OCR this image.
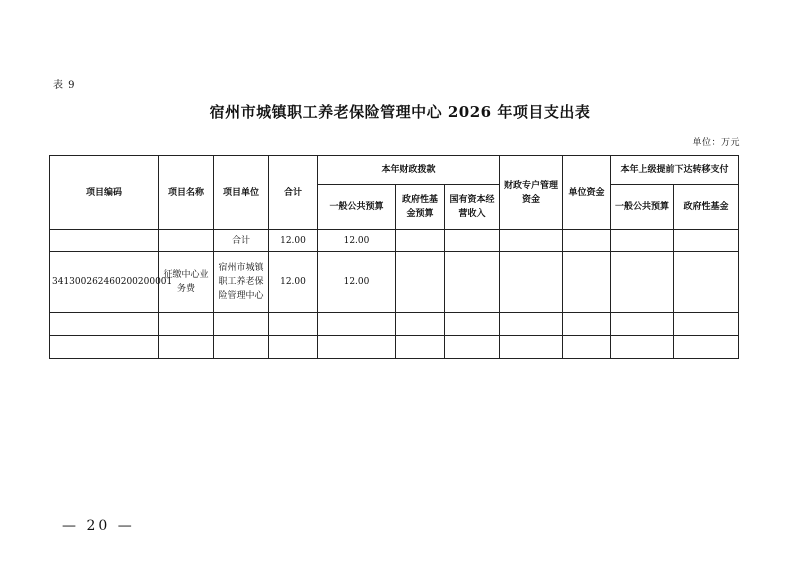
表 9
宿州市城镇职工养老保险管理中心 2026 年项目支出表
单位：万元
项目编码	项目名称	项目单位	合计	本年财政拨款			财政专户管理资金	单位资金	本年上级提前下达转移支付	
				一般公共预算	政府性基金预算	国有资本经营收入			一般公共预算	政府性基金
		合计	12.00	12.00						
341300262460200200001	征缴中心业务费	宿州市城镇职工养老保险管理中心	12.00	12.00						

— 20 —
